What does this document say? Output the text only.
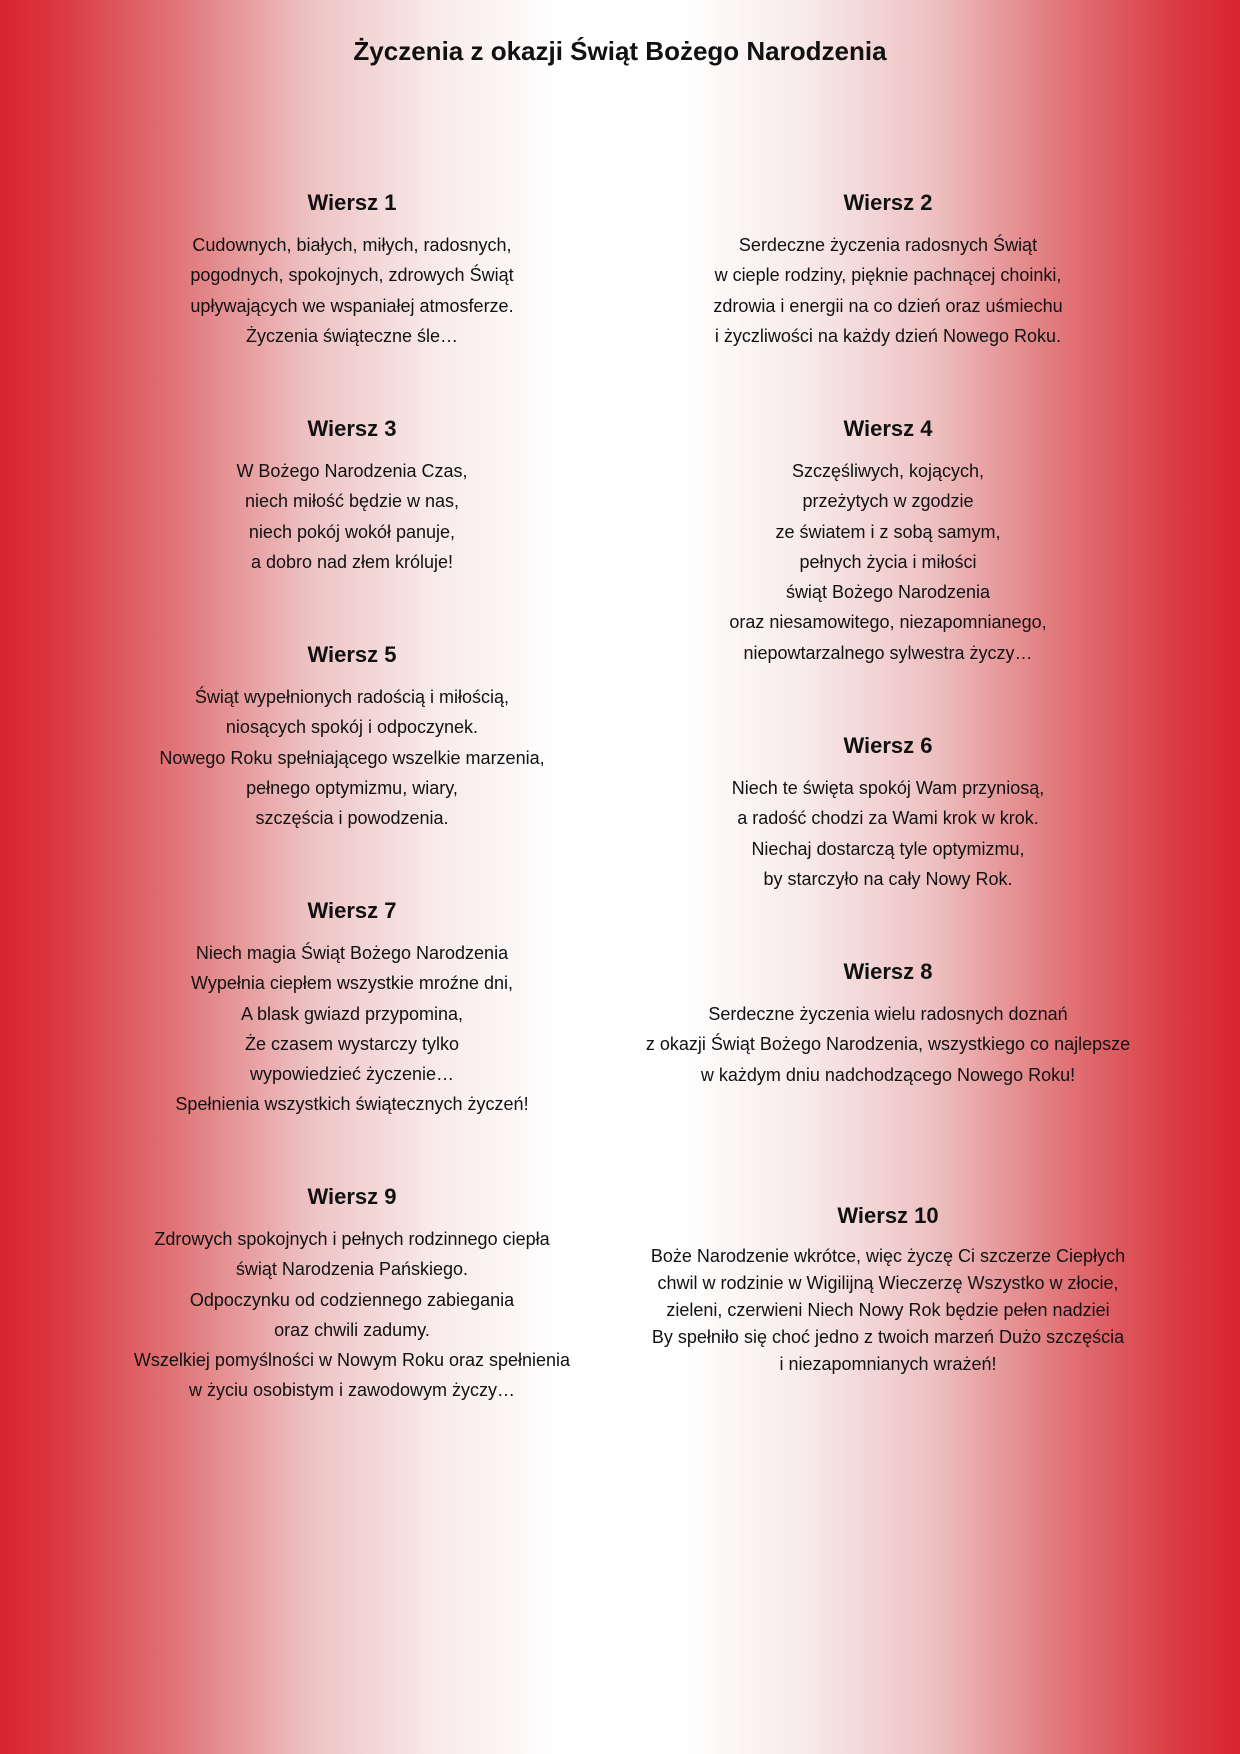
Życzenia z okazji Świąt Bożego Narodzenia
Wiersz 1
Cudownych, białych, miłych, radosnych,
pogodnych, spokojnych, zdrowych Świąt
upływających we wspaniałej atmosferze.
Życzenia świąteczne śle…
Wiersz 3
W Bożego Narodzenia Czas,
niech miłość będzie w nas,
niech pokój wokół panuje,
a dobro nad złem króluje!
Wiersz 5
Świąt wypełnionych radością i miłością,
niosących spokój i odpoczynek.
Nowego Roku spełniającego wszelkie marzenia,
pełnego optymizmu, wiary,
szczęścia i powodzenia.
Wiersz 7
Niech magia Świąt Bożego Narodzenia
Wypełnia ciepłem wszystkie mroźne dni,
A blask gwiazd przypomina,
Że czasem wystarczy tylko
wypowiedzieć życzenie…
Spełnienia wszystkich świątecznych życzeń!
Wiersz 9
Zdrowych spokojnych i pełnych rodzinnego ciepła
świąt Narodzenia Pańskiego.
Odpoczynku od codziennego zabiegania
oraz chwili zadumy.
Wszelkiej pomyślności w Nowym Roku oraz spełnienia
w życiu osobistym i zawodowym życzy…
Wiersz 2
Serdeczne życzenia radosnych Świąt
w cieple rodziny, pięknie pachnącej choinki,
zdrowia i energii na co dzień oraz uśmiechu
i życzliwości na każdy dzień Nowego Roku.
Wiersz 4
Szczęśliwych, kojących,
przeżytych w zgodzie
ze światem i z sobą samym,
pełnych życia i miłości
świąt Bożego Narodzenia
oraz niesamowitego, niezapomnianego,
niepowtarzalnego sylwestra życzy…
Wiersz 6
Niech te święta spokój Wam przyniosą,
a radość chodzi za Wami krok w krok.
Niechaj dostarczą tyle optymizmu,
by starczyło na cały Nowy Rok.
Wiersz 8
Serdeczne życzenia wielu radosnych doznań
z okazji Świąt Bożego Narodzenia, wszystkiego co najlepsze
w każdym dniu nadchodzącego Nowego Roku!
Wiersz 10
Boże Narodzenie wkrótce, więc życzę Ci szczerze Ciepłych
chwil w rodzinie w Wigilijną Wieczerzę Wszystko w złocie,
zieleni, czerwieni Niech Nowy Rok będzie pełen nadziei
By spełniło się choć jedno z twoich marzeń Dużo szczęścia
i niezapomnianych wrażeń!
